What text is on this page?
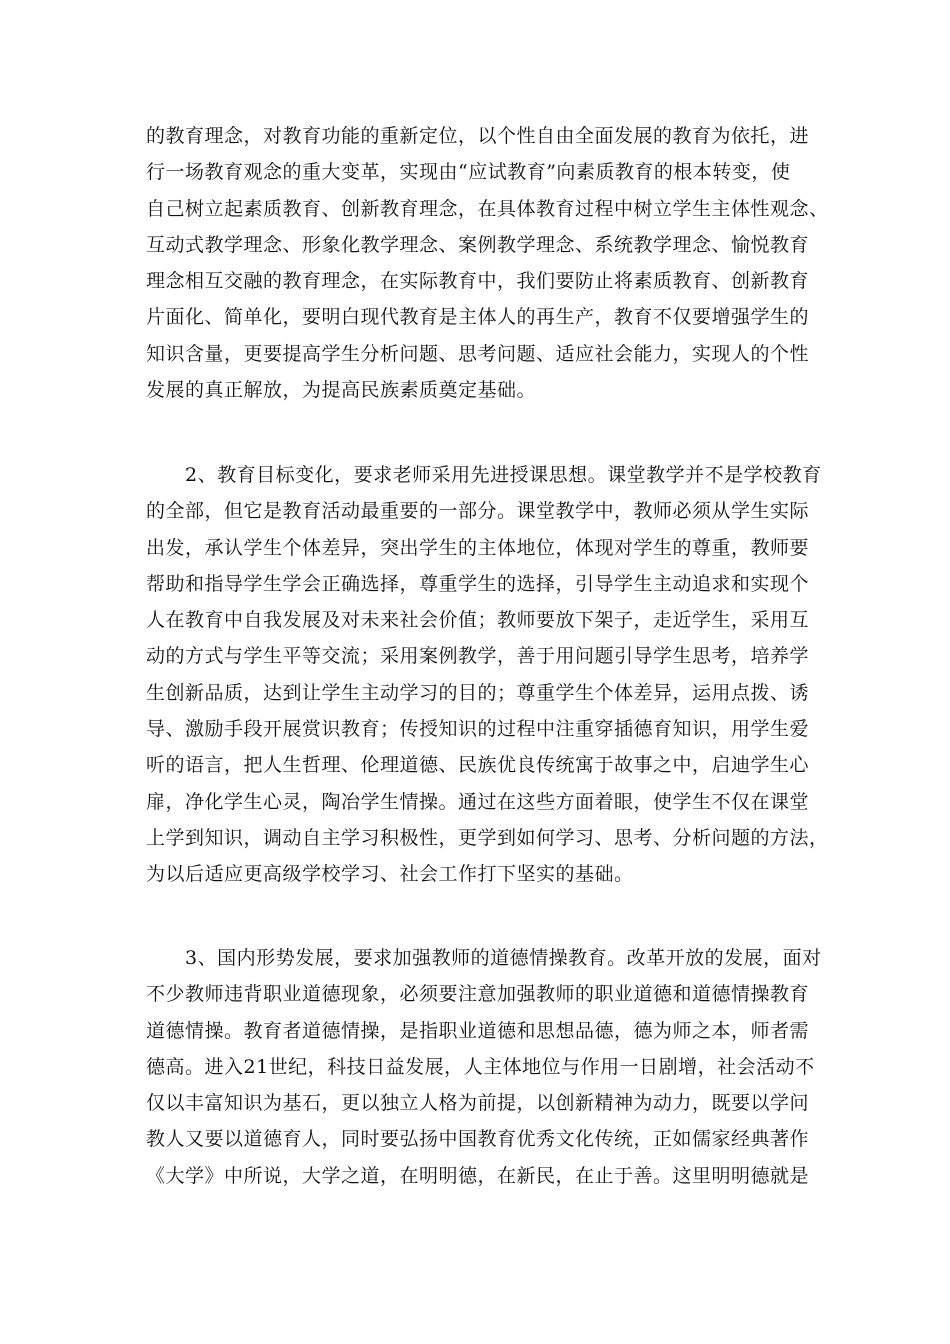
的教育理念，对教育功能的重新定位，以个性自由全面发展的教育为依托，进
行一场教育观念的重大变革，实现由“应试教育”向素质教育的根本转变，使
自己树立起素质教育、创新教育理念，在具体教育过程中树立学生主体性观念、
互动式教学理念、形象化教学理念、案例教学理念、系统教学理念、愉悦教育
理念相互交融的教育理念，在实际教育中，我们要防止将素质教育、创新教育
片面化、简单化，要明白现代教育是主体人的再生产，教育不仅要增强学生的
知识含量，更要提高学生分析问题、思考问题、适应社会能力，实现人的个性
发展的真正解放，为提高民族素质奠定基础。
　　2、教育目标变化，要求老师采用先进授课思想。课堂教学并不是学校教育
的全部，但它是教育活动最重要的一部分。课堂教学中，教师必须从学生实际
出发，承认学生个体差异，突出学生的主体地位，体现对学生的尊重，教师要
帮助和指导学生学会正确选择，尊重学生的选择，引导学生主动追求和实现个
人在教育中自我发展及对未来社会价值；教师要放下架子，走近学生，采用互
动的方式与学生平等交流；采用案例教学，善于用问题引导学生思考，培养学
生创新品质，达到让学生主动学习的目的；尊重学生个体差异，运用点拨、诱
导、激励手段开展赏识教育；传授知识的过程中注重穿插德育知识，用学生爱
听的语言，把人生哲理、伦理道德、民族优良传统寓于故事之中，启迪学生心
扉，净化学生心灵，陶冶学生情操。通过在这些方面着眼，使学生不仅在课堂
上学到知识，调动自主学习积极性，更学到如何学习、思考、分析问题的方法，
为以后适应更高级学校学习、社会工作打下坚实的基础。
　　3、国内形势发展，要求加强教师的道德情操教育。改革开放的发展，面对
不少教师违背职业道德现象，必须要注意加强教师的职业道德和道德情操教育
道德情操。教育者道德情操，是指职业道德和思想品德，德为师之本，师者需
德高。进入21世纪，科技日益发展，人主体地位与作用一日剧增，社会活动不
仅以丰富知识为基石，更以独立人格为前提，以创新精神为动力，既要以学问
教人又要以道德育人，同时要弘扬中国教育优秀文化传统，正如儒家经典著作
《大学》中所说，大学之道，在明明德，在新民，在止于善。这里明明德就是
